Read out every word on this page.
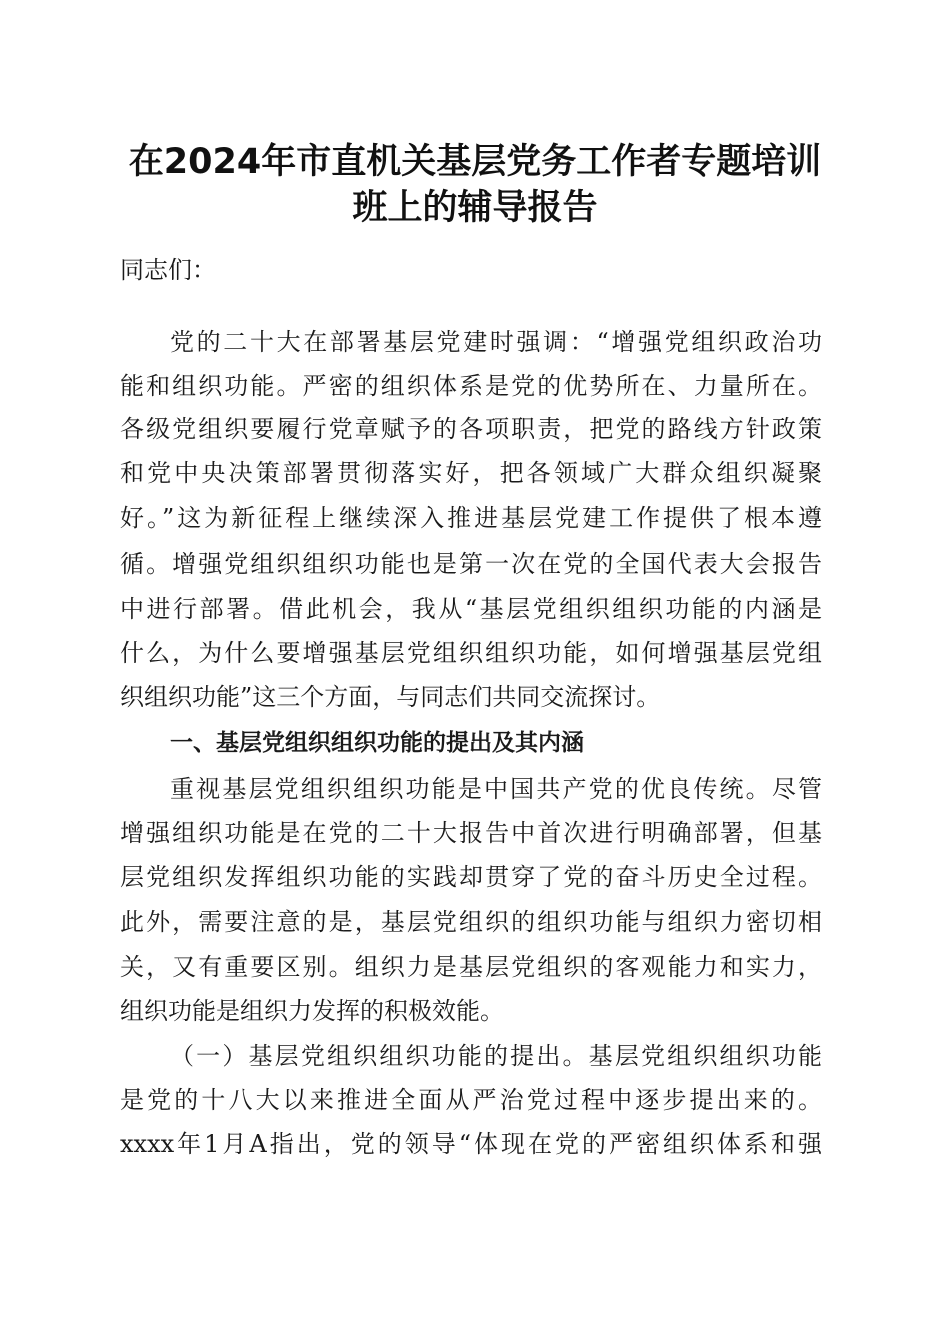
在2024年市直机关基层党务工作者专题培训
班上的辅导报告
同志们：
党的二十大在部署基层党建时强调：“增强党组织政治功
能和组织功能。严密的组织体系是党的优势所在、力量所在。
各级党组织要履行党章赋予的各项职责，把党的路线方针政策
和党中央决策部署贯彻落实好，把各领域广大群众组织凝聚
好。”这为新征程上继续深入推进基层党建工作提供了根本遵
循。增强党组织组织功能也是第一次在党的全国代表大会报告
中进行部署。借此机会，我从“基层党组织组织功能的内涵是
什么，为什么要增强基层党组织组织功能，如何增强基层党组
织组织功能”这三个方面，与同志们共同交流探讨。
一、基层党组织组织功能的提出及其内涵
重视基层党组织组织功能是中国共产党的优良传统。尽管
增强组织功能是在党的二十大报告中首次进行明确部署，但基
层党组织发挥组织功能的实践却贯穿了党的奋斗历史全过程。
此外，需要注意的是，基层党组织的组织功能与组织力密切相
关，又有重要区别。组织力是基层党组织的客观能力和实力，
组织功能是组织力发挥的积极效能。
（一）基层党组织组织功能的提出。基层党组织组织功能
是党的十八大以来推进全面从严治党过程中逐步提出来的。
xxxx年1月A指出，党的领导“体现在党的严密组织体系和强
